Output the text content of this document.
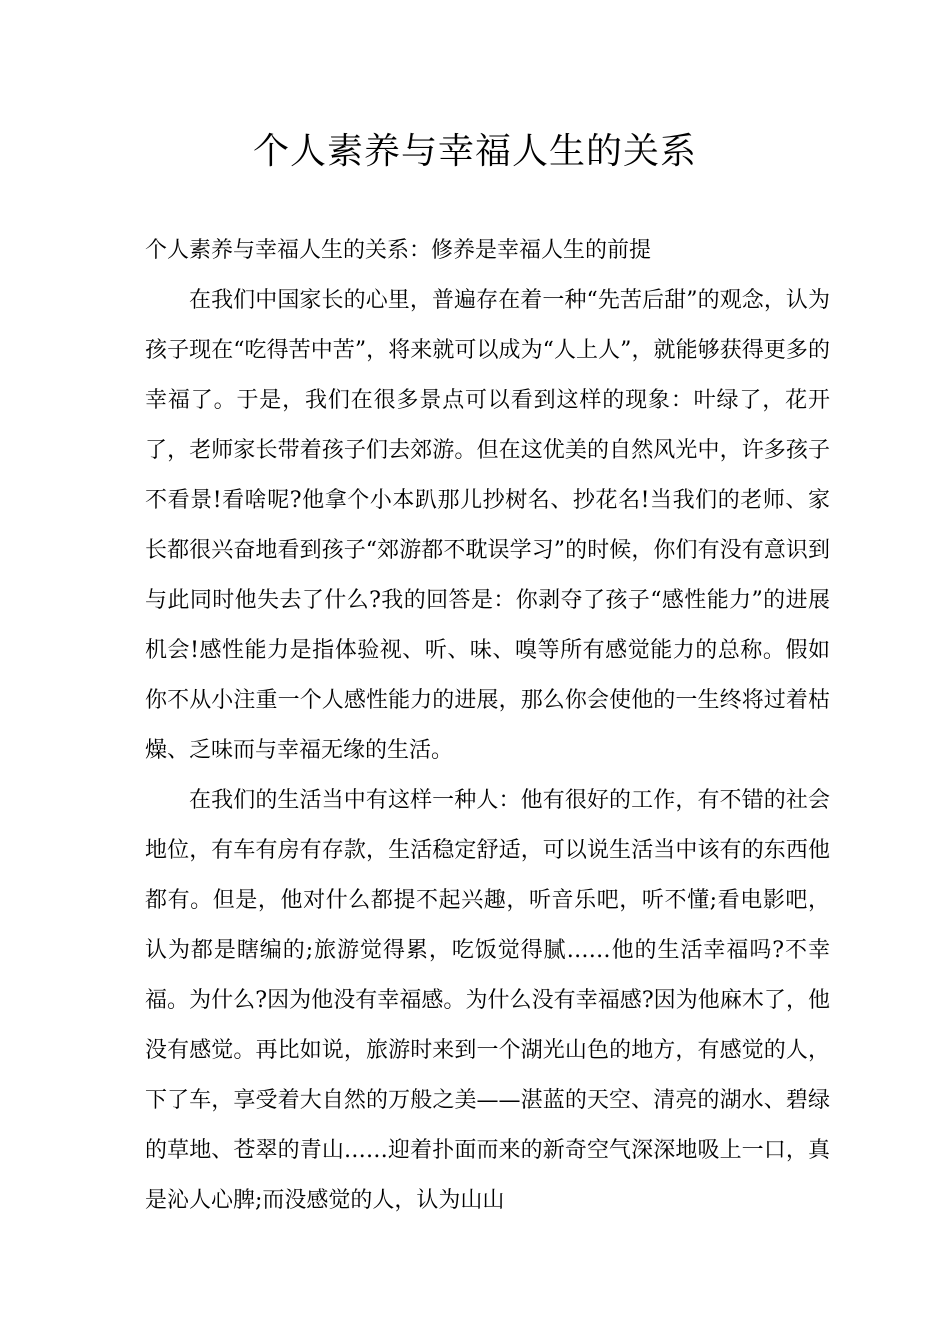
个人素养与幸福人生的关系

个人素养与幸福人生的关系：修养是幸福人生的前提

在我们中国家长的心里，普遍存在着一种“先苦后甜”的观念，认为孩子现在“吃得苦中苦”，将来就可以成为“人上人”，就能够获得更多的幸福了。于是，我们在很多景点可以看到这样的现象：叶绿了，花开了，老师家长带着孩子们去郊游。但在这优美的自然风光中，许多孩子不看景!看啥呢?他拿个小本趴那儿抄树名、抄花名!当我们的老师、家长都很兴奋地看到孩子“郊游都不耽误学习”的时候，你们有没有意识到与此同时他失去了什么?我的回答是：你剥夺了孩子“感性能力”的进展机会!感性能力是指体验视、听、味、嗅等所有感觉能力的总称。假如你不从小注重一个人感性能力的进展，那么你会使他的一生终将过着枯燥、乏味而与幸福无缘的生活。

在我们的生活当中有这样一种人：他有很好的工作，有不错的社会地位，有车有房有存款，生活稳定舒适，可以说生活当中该有的东西他都有。但是，他对什么都提不起兴趣，听音乐吧，听不懂;看电影吧，认为都是瞎编的;旅游觉得累，吃饭觉得腻……他的生活幸福吗?不幸福。为什么?因为他没有幸福感。为什么没有幸福感?因为他麻木了，他没有感觉。再比如说，旅游时来到一个湖光山色的地方，有感觉的人，下了车，享受着大自然的万般之美——湛蓝的天空、清亮的湖水、碧绿的草地、苍翠的青山……迎着扑面而来的新奇空气深深地吸上一口，真是沁人心脾;而没感觉的人，认为山山
